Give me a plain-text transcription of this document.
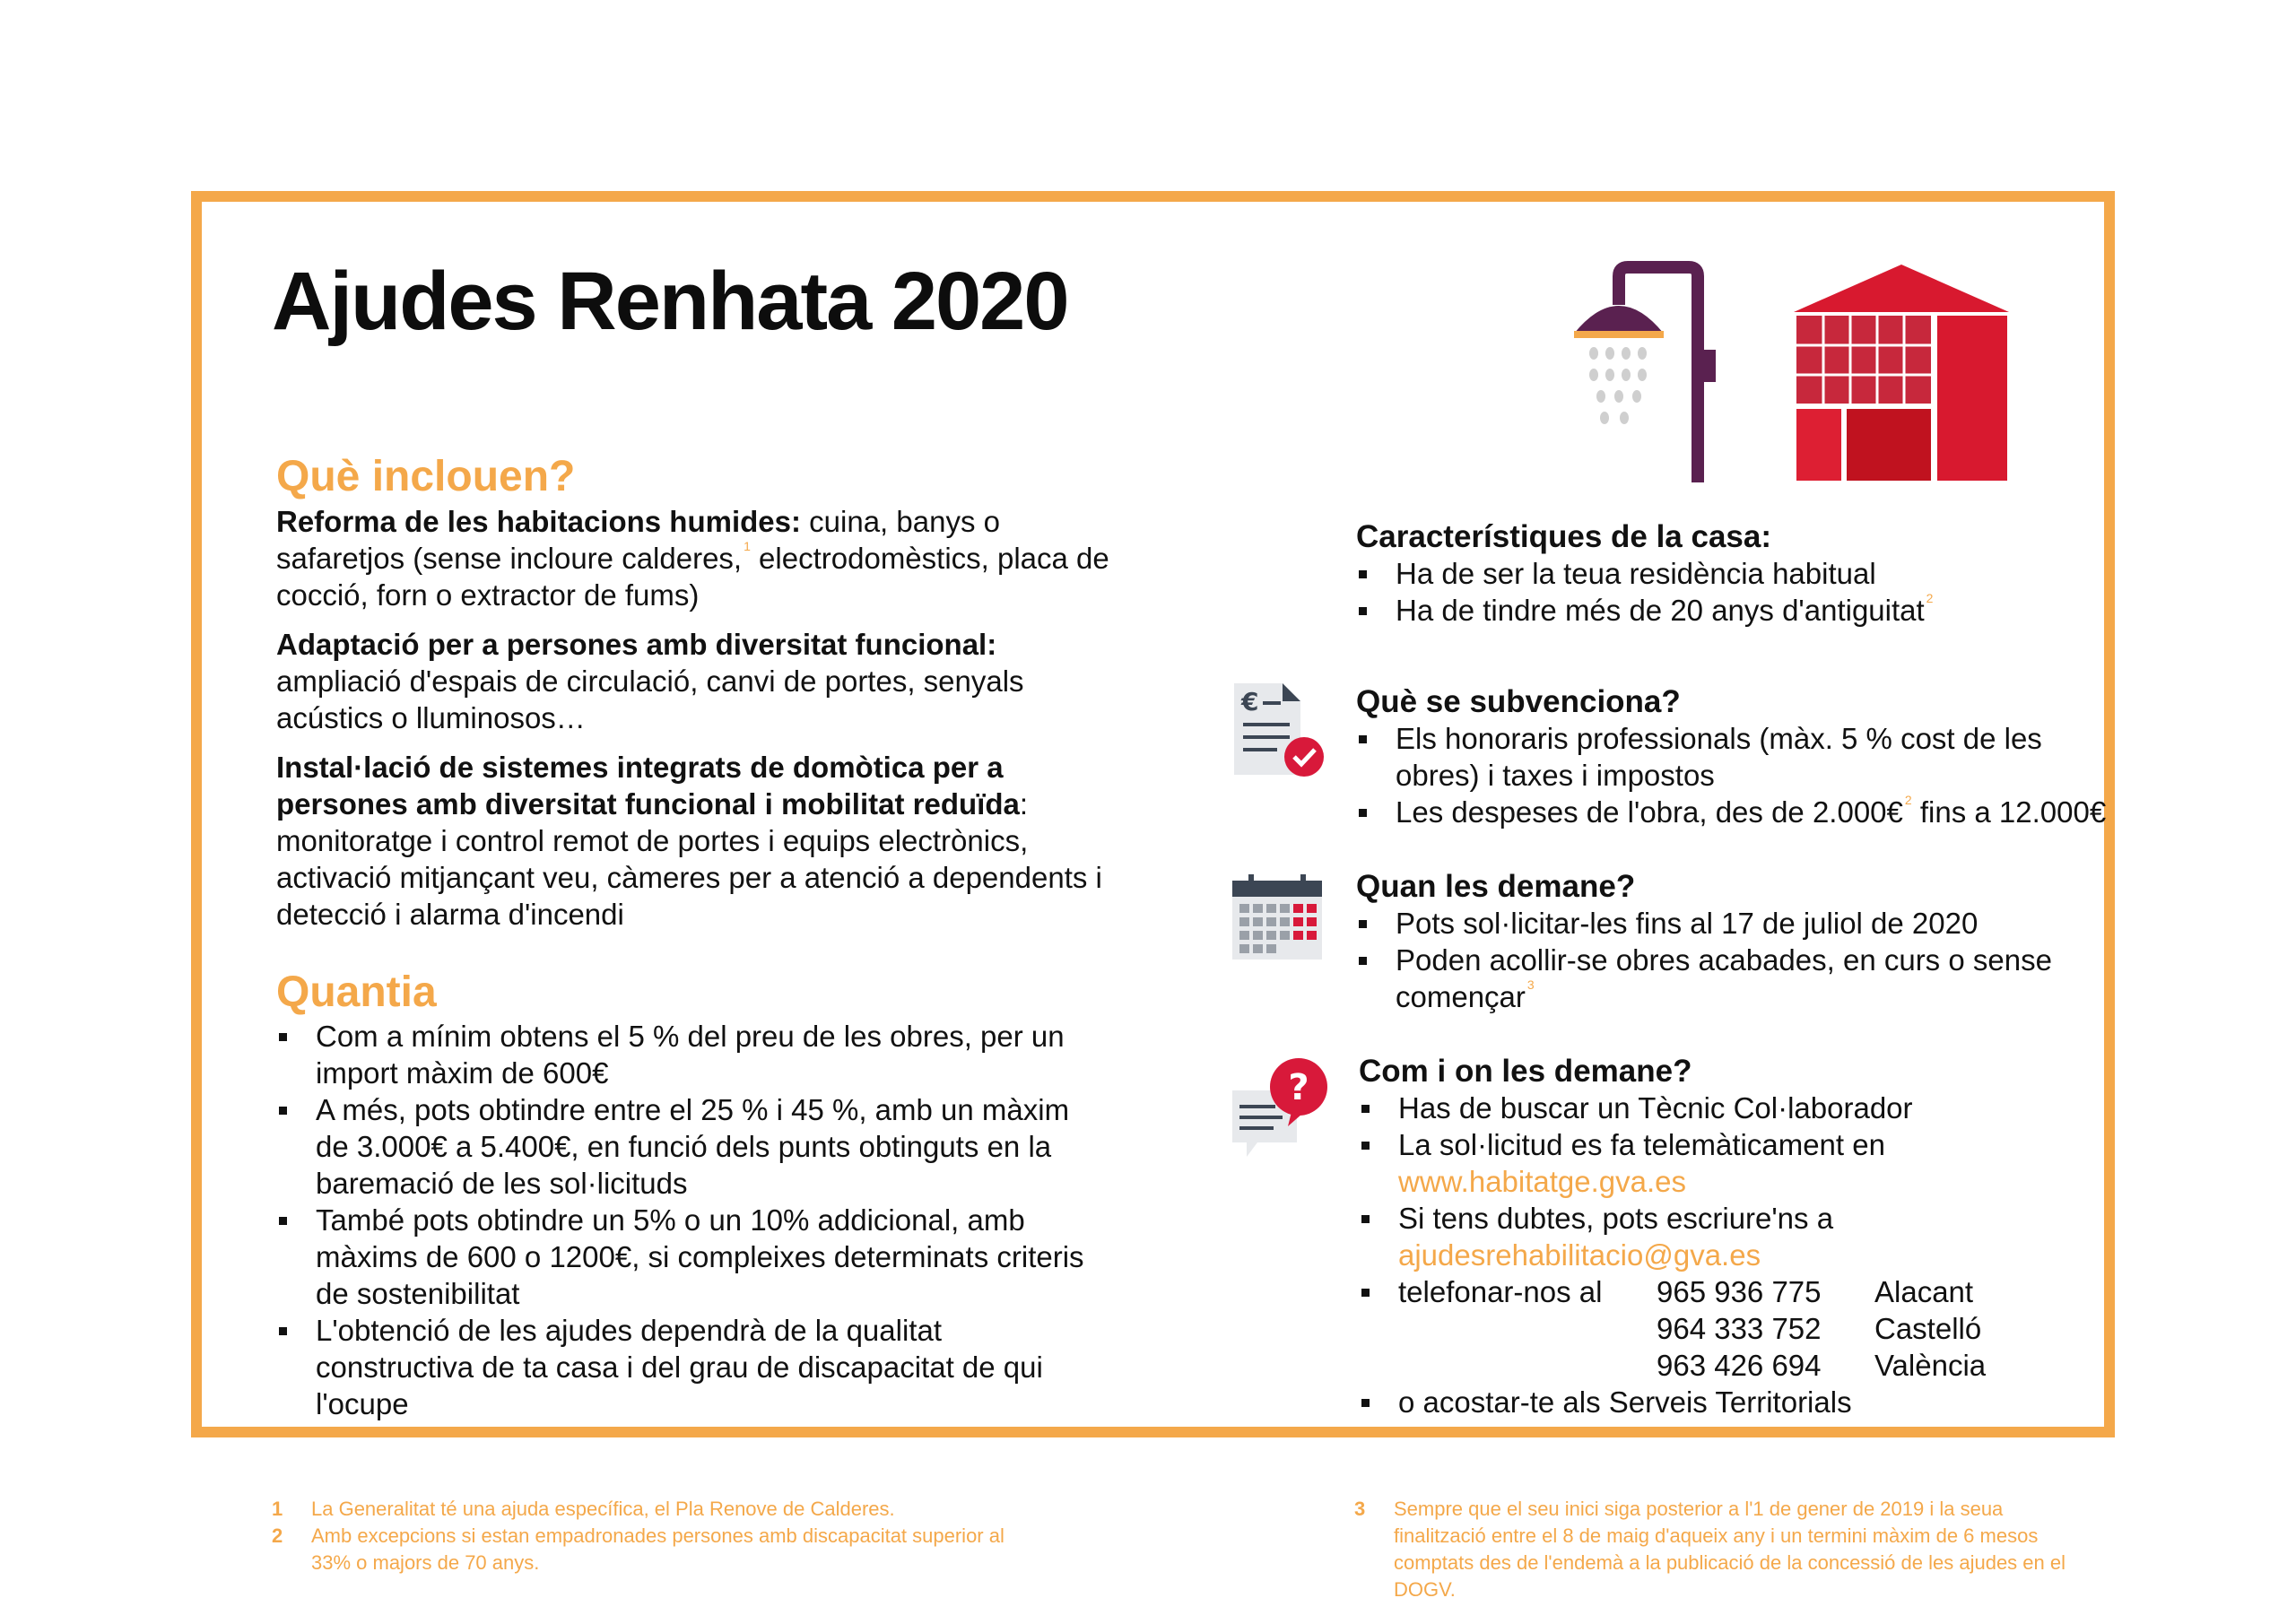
Ajudes Renhata 2020
Què inclouen?

Reforma de les habitacions humides: cuina, banys o safaretjos (sense incloure calderes, $^1$ electrodomèstics, placa de cocció, forn o extractor de fums)

Adaptació per a persones amb diversitat funcional: ampliació d'espais de circulació, canvi de portes, senyals acústics o lluminosos…

Instal·lació de sistemes integrats de domòtica per a persones amb diversitat funcional i mobilitat reduïda: monitoratge i control remot de portes i equips electrònics, activació mitjançant veu, càmeres per a atenció a dependents i detecció i alarma d'incendi

Quantia
Com a mínim obtens el 5 % del preu de les obres, per un import màxim de 600€
A més, pots obtindre entre el 25 % i 45 %, amb un màxim de 3.000€ a 5.400€, en funció dels punts obtinguts en la baremació de les sol·licituds
També pots obtindre un 5% o un 10% addicional, amb màxims de 600 o 1200€, si compleixes determinats criteris de sostenibilitat
L'obtenció de les ajudes dependrà de la qualitat constructiva de ta casa i del grau de discapacitat de qui l'ocupe
Característiques de la casa:
Ha de ser la teua residència habitual
Ha de tindre més de 20 anys d'antiguitat $^2$
€	Què se subvenciona?
Els honoraris professionals (màx. 5 % cost de les obres) i taxes i impostos
Les despeses de l'obra, des de 2.000€ $^2$ fins a 12.000€
Quan les demane?
Pots sol·licitar-les fins al 17 de juliol de 2020
Poden acollir-se obres acabades, en curs o sense començar $^3$
? Com i on les demane?
Has de buscar un Tècnic Col·laborador
La sol·licitud es fa telemàticament en
www.habitatge.gva.es
Si tens dubtes, pots escriure'ns a
ajudesrehabilitacio@gva.es
telefonar-nos al	965 936 775	Alacant
964 333 752	Castelló
963 426 694	València
o acostar-te als Serveis Territorials
1	La Generalitat té una ajuda específica, el Pla Renove de Calderes.
2	Amb excepcions si estan empadronades persones amb discapacitat superior al 33% o majors de 70 anys.
3	Sempre que el seu inici siga posterior a l'1 de gener de 2019 i la seua finalització entre el 8 de maig d'aqueix any i un termini màxim de 6 mesos comptats des de l'endemà a la publicació de la concessió de les ajudes en el DOGV.
